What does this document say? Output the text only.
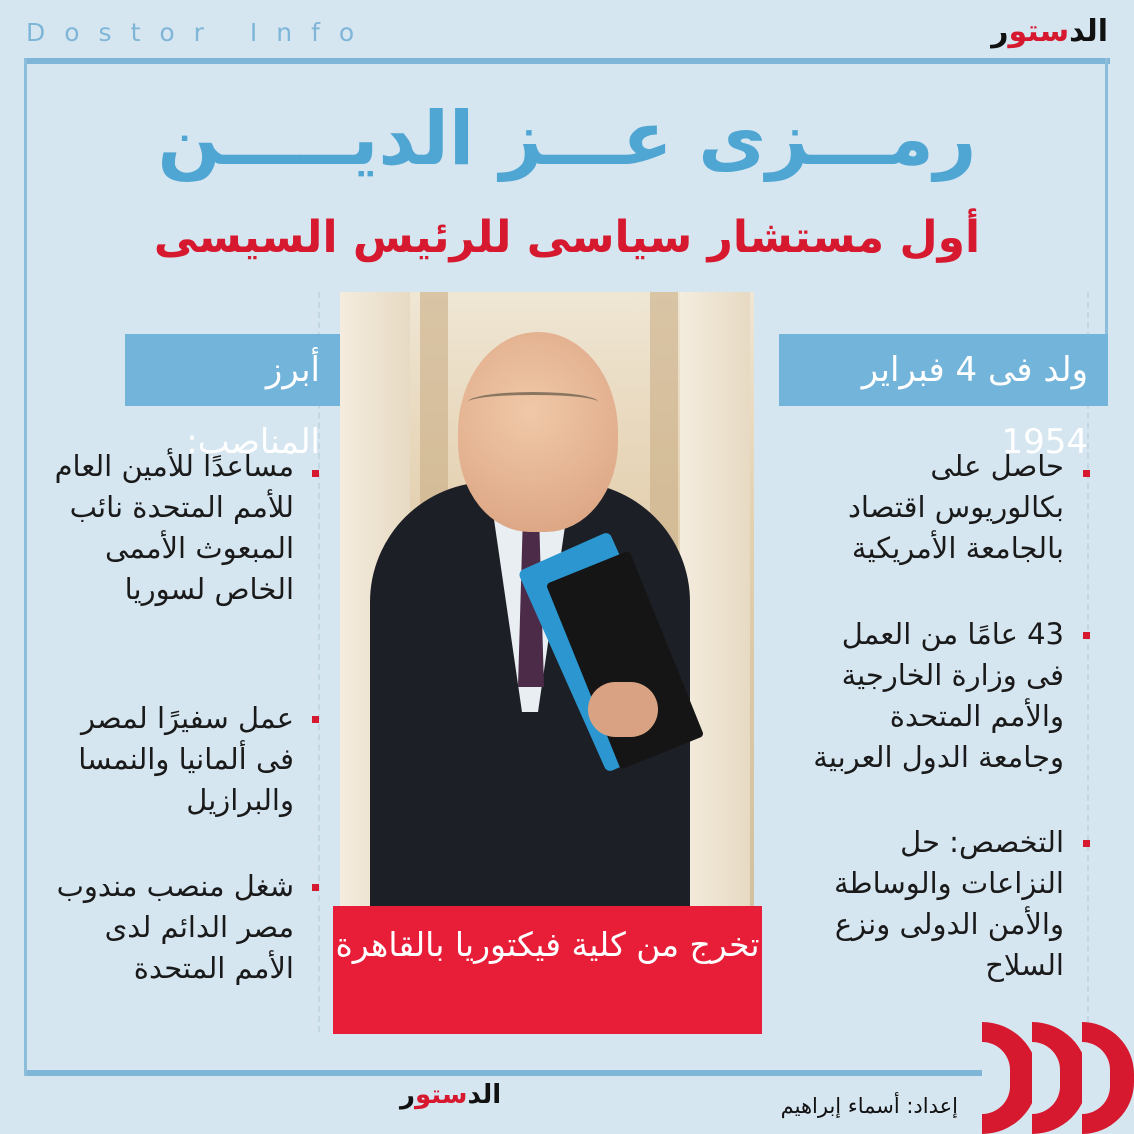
Dostor Info	الدستور
رمـــزى عـــز الديـــــن
أول مستشار سياسى للرئيس السيسى
أبرز المناصب:
ولد فى 4 فبراير 1954
مساعدًا للأمين العام للأمم المتحدة نائب المبعوث الأممى الخاص لسوريا
عمل سفيرًا لمصر فى ألمانيا والنمسا والبرازيل
شغل منصب مندوب مصر الدائم لدى الأمم المتحدة
حاصل على بكالوريوس اقتصاد بالجامعة الأمريكية
43 عامًا من العمل فى وزارة الخارجية والأمم المتحدة وجامعة الدول العربية
التخصص: حل النزاعات والوساطة والأمن الدولى ونزع السلاح
تخرج من كلية فيكتوريا بالقاهرة
الدستور	إعداد: أسماء إبراهيم
